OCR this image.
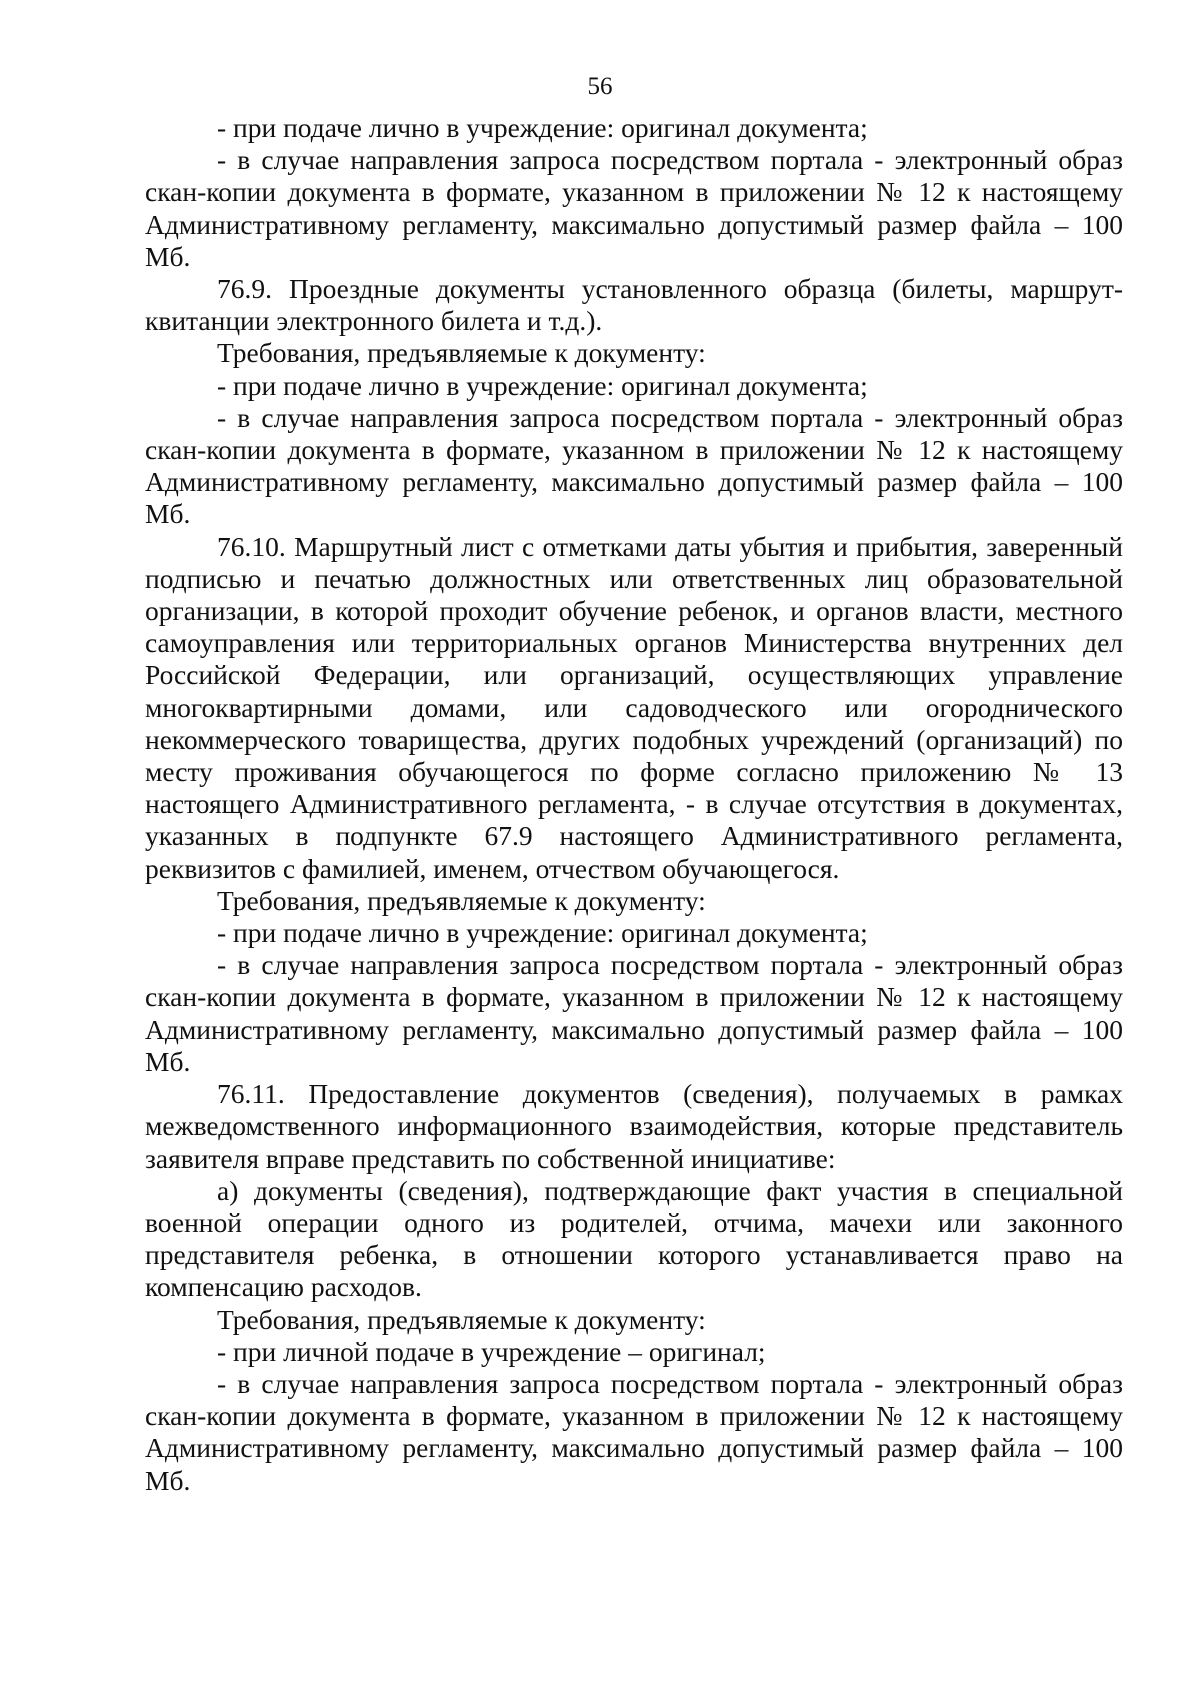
56

- при подаче лично в учреждение: оригинал документа;

- в случае направления запроса посредством портала - электронный образ скан-копии документа в формате, указанном в приложении № 12 к настоящему Административному регламенту, максимально допустимый размер файла – 100 Мб.

76.9. Проездные документы установленного образца (билеты, маршрут-квитанции электронного билета и т.д.).

Требования, предъявляемые к документу:

- при подаче лично в учреждение: оригинал документа;

- в случае направления запроса посредством портала - электронный образ скан-копии документа в формате, указанном в приложении № 12 к настоящему Административному регламенту, максимально допустимый размер файла – 100 Мб.

76.10. Маршрутный лист с отметками даты убытия и прибытия, заверенный подписью и печатью должностных или ответственных лиц образовательной организации, в которой проходит обучение ребенок, и органов власти, местного самоуправления или территориальных органов Министерства внутренних дел Российской Федерации, или организаций, осуществляющих управление многоквартирными домами, или садоводческого или огороднического некоммерческого товарищества, других подобных учреждений (организаций) по месту проживания обучающегося по форме согласно приложению № 13 настоящего Административного регламента, - в случае отсутствия в документах, указанных в подпункте 67.9 настоящего Административного регламента, реквизитов с фамилией, именем, отчеством обучающегося.

Требования, предъявляемые к документу:

- при подаче лично в учреждение: оригинал документа;

- в случае направления запроса посредством портала - электронный образ скан-копии документа в формате, указанном в приложении № 12 к настоящему Административному регламенту, максимально допустимый размер файла – 100 Мб.

76.11. Предоставление документов (сведения), получаемых в рамках межведомственного информационного взаимодействия, которые представитель заявителя вправе представить по собственной инициативе:

а) документы (сведения), подтверждающие факт участия в специальной военной операции одного из родителей, отчима, мачехи или законного представителя ребенка, в отношении которого устанавливается право на компенсацию расходов.

Требования, предъявляемые к документу:

- при личной подаче в учреждение – оригинал;

- в случае направления запроса посредством портала - электронный образ скан-копии документа в формате, указанном в приложении № 12 к настоящему Административному регламенту, максимально допустимый размер файла – 100 Мб.
